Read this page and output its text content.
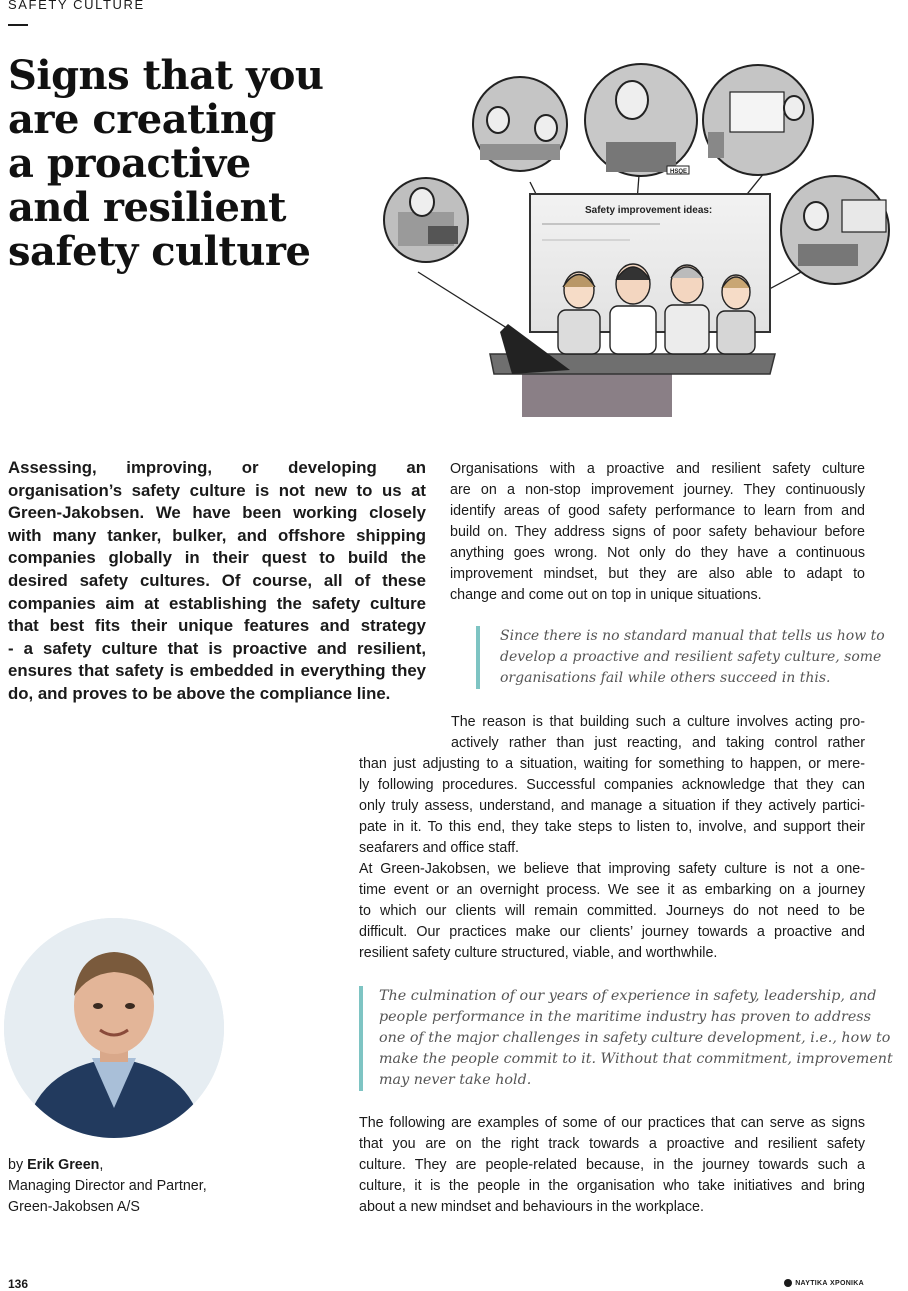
SAFETY CULTURE
Signs that you
are creating
a proactive
and resilient
safety culture
Safety improvement ideas:
HSQE
Assessing, improving, or developing an
organisation’s safety culture is not new to us at
Green-Jakobsen. We have been working closely
with many tanker, bulker, and offshore shipping
companies globally in their quest to build the
desired safety cultures. Of course, all of these
companies aim at establishing the safety culture
that best fits their unique features and strategy
- a safety culture that is proactive and resilient,
ensures that safety is embedded in everything they
do, and proves to be above the compliance line.
Organisations with a proactive and resilient safety culture
are on a non-stop improvement journey. They continuously
identify areas of good safety performance to learn from and
build on. They address signs of poor safety behaviour before
anything goes wrong. Not only do they have a continuous
improvement mindset, but they are also able to adapt to
change and come out on top in unique situations.
Since there is no standard manual that tells us how to
develop a proactive and resilient safety culture, some
organisations fail while others succeed in this.
The reason is that building such a culture involves acting pro-
actively rather than just reacting, and taking control rather
than just adjusting to a situation, waiting for something to happen, or mere-
ly following procedures. Successful companies acknowledge that they can
only truly assess, understand, and manage a situation if they actively partici-
pate in it. To this end, they take steps to listen to, involve, and support their
seafarers and office staff.
At Green-Jakobsen, we believe that improving safety culture is not a one-
time event or an overnight process. We see it as embarking on a journey
to which our clients will remain committed. Journeys do not need to be
difficult. Our practices make our clients’ journey towards a proactive and
resilient safety culture structured, viable, and worthwhile.
The culmination of our years of experience in safety, leadership, and
people performance in the maritime industry has proven to address
one of the major challenges in safety culture development, i.e., how to
make the people commit to it. Without that commitment, improvement
may never take hold.
The following are examples of some of our practices that can serve as signs
that you are on the right track towards a proactive and resilient safety
culture. They are people-related because, in the journey towards such a
culture, it is the people in the organisation who take initiatives and bring
about a new mindset and behaviours in the workplace.
by Erik Green,
Managing Director and Partner,
Green-Jakobsen A/S
136	ΝΑΥΤΙΚΑ ΧΡΟΝΙΚΑ
